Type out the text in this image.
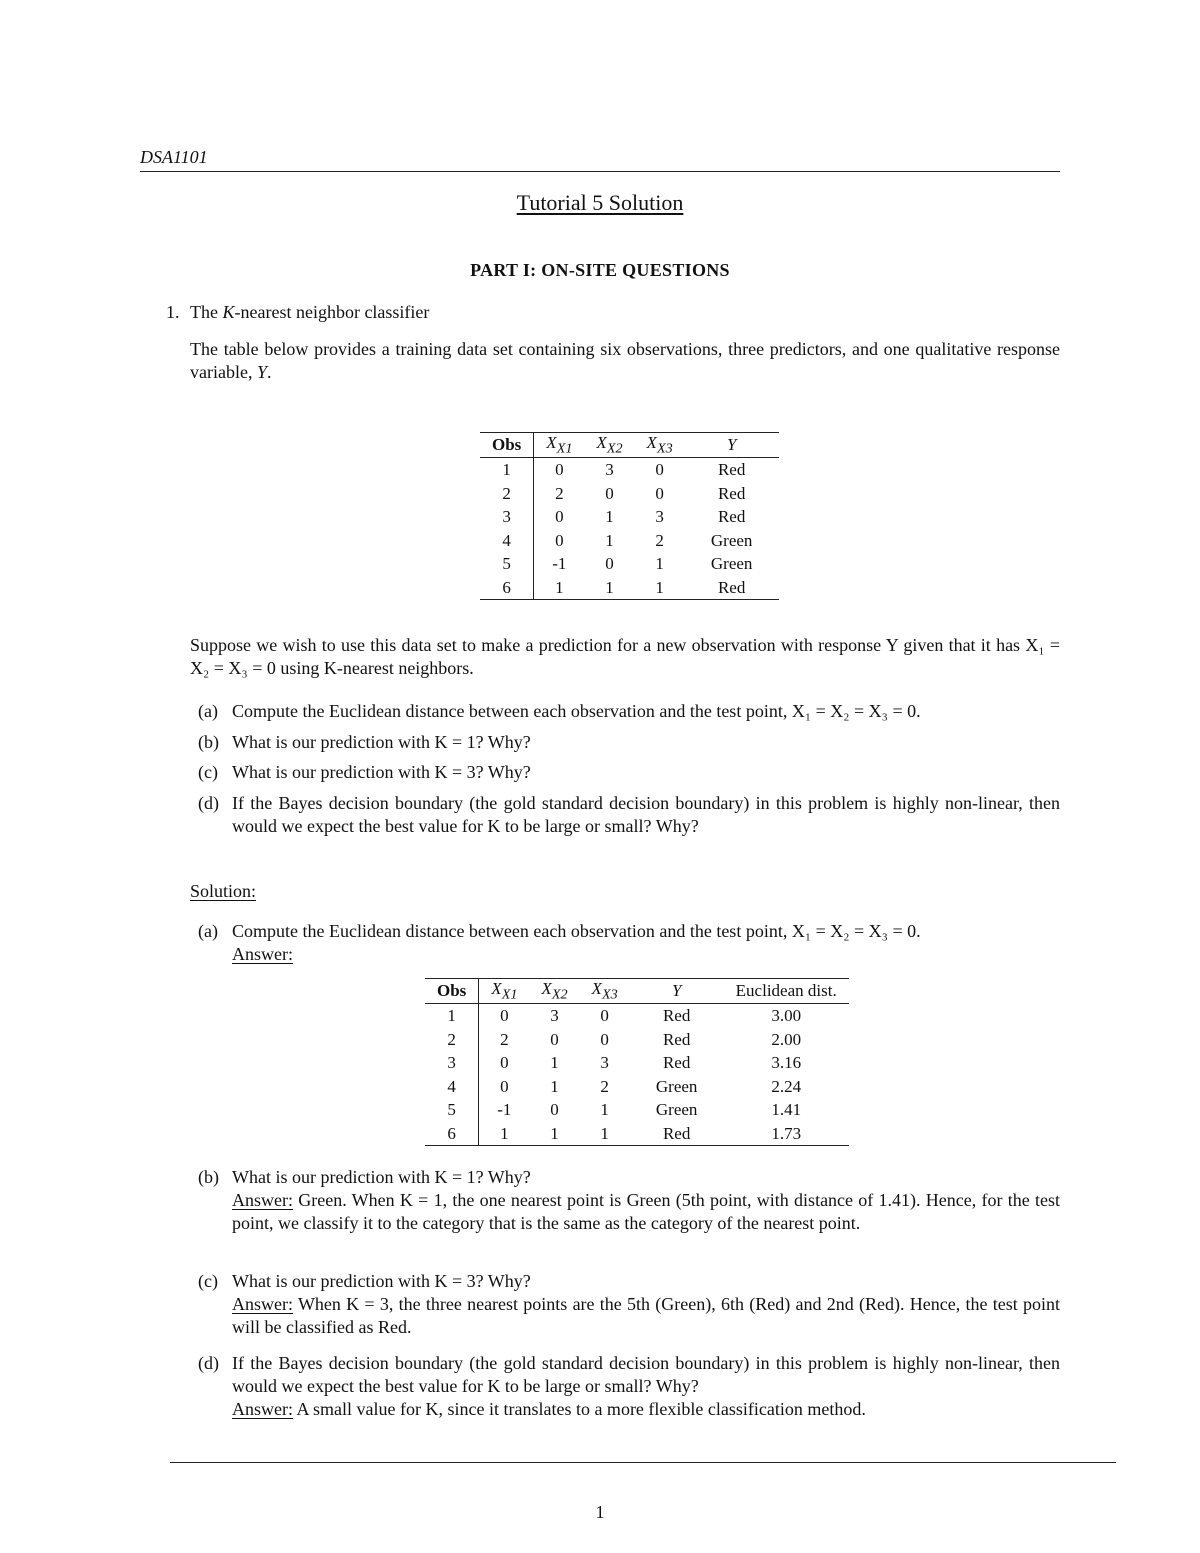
DSA1101
Tutorial 5 Solution
PART I: ON-SITE QUESTIONS
1. The K-nearest neighbor classifier
The table below provides a training data set containing six observations, three predictors, and one qualitative response variable, Y.
Obs	$X_{X1}$	$X_{X2}$	$X_{X3}$	Y
1	0	3	0	Red
2	2	0	0	Red
3	0	1	3	Red
4	0	1	2	Green
5	-1	0	1	Green
6	1	1	1	Red
Suppose we wish to use this data set to make a prediction for a new observation with response Y given that it has X₁ = X₂ = X₃ = 0 using K-nearest neighbors.
(a) Compute the Euclidean distance between each observation and the test point, X₁ = X₂ = X₃ = 0.
(b) What is our prediction with K = 1? Why?
(c) What is our prediction with K = 3? Why?
(d) If the Bayes decision boundary (the gold standard decision boundary) in this problem is highly non-linear, then would we expect the best value for K to be large or small? Why?
Solution:
(a) Compute the Euclidean distance between each observation and the test point, X₁ = X₂ = X₃ = 0.
Answer:
Obs	$X_{X1}$	$X_{X2}$	$X_{X3}$	Y	Euclidean dist.
1	0	3	0	Red	3.00
2	2	0	0	Red	2.00
3	0	1	3	Red	3.16
4	0	1	2	Green	2.24
5	-1	0	1	Green	1.41
6	1	1	1	Red	1.73
(b) What is our prediction with K = 1? Why?
Answer: Green. When K = 1, the one nearest point is Green (5th point, with distance of 1.41). Hence, for the test point, we classify it to the category that is the same as the category of the nearest point.
(c) What is our prediction with K = 3? Why?
Answer: When K = 3, the three nearest points are the 5th (Green), 6th (Red) and 2nd (Red). Hence, the test point will be classified as Red.
(d) If the Bayes decision boundary (the gold standard decision boundary) in this problem is highly non-linear, then would we expect the best value for K to be large or small? Why?
Answer: A small value for K, since it translates to a more flexible classification method.
1
